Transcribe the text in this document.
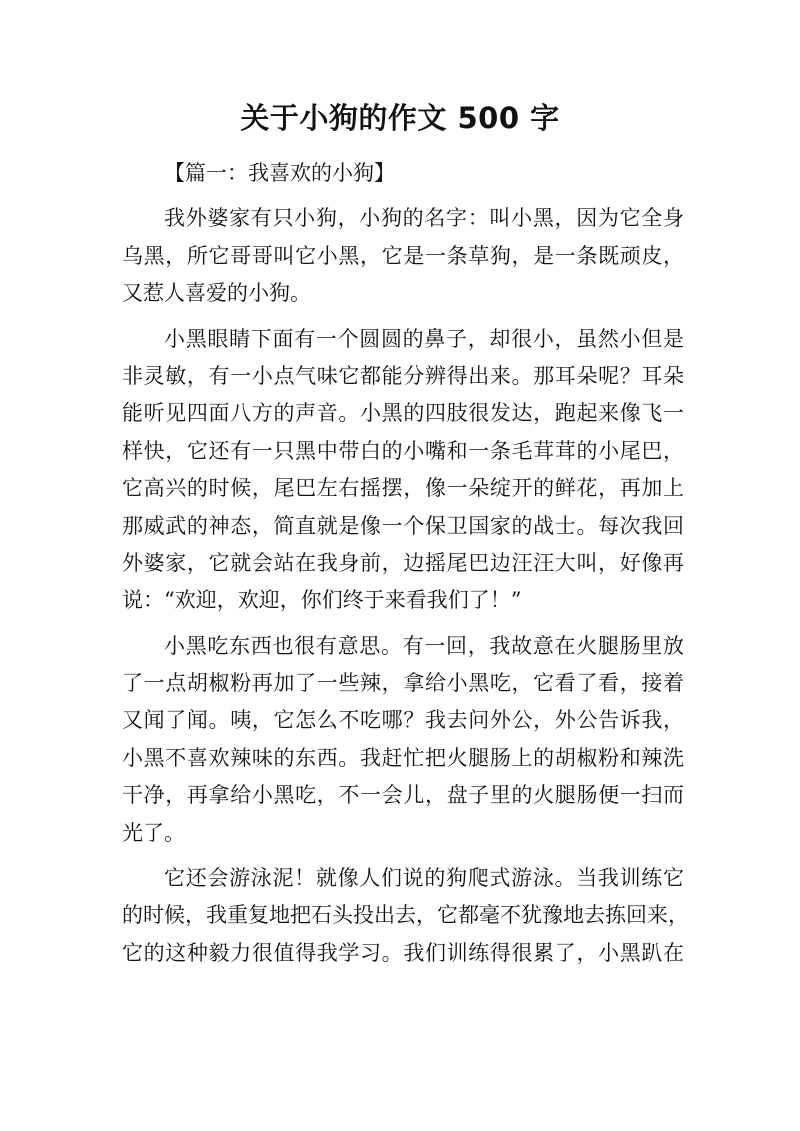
关于小狗的作文 500 字
【篇一：我喜欢的小狗】
我外婆家有只小狗，小狗的名字：叫小黑，因为它全身
乌黑，所它哥哥叫它小黑，它是一条草狗，是一条既顽皮，
又惹人喜爱的小狗。
小黑眼睛下面有一个圆圆的鼻子，却很小，虽然小但是
非灵敏，有一小点气味它都能分辨得出来。那耳朵呢？耳朵
能听见四面八方的声音。小黑的四肢很发达，跑起来像飞一
样快，它还有一只黑中带白的小嘴和一条毛茸茸的小尾巴，
它高兴的时候，尾巴左右摇摆，像一朵绽开的鲜花，再加上
那威武的神态，简直就是像一个保卫国家的战士。每次我回
外婆家，它就会站在我身前，边摇尾巴边汪汪大叫，好像再
说：“欢迎，欢迎，你们终于来看我们了！”
小黑吃东西也很有意思。有一回，我故意在火腿肠里放
了一点胡椒粉再加了一些辣，拿给小黑吃，它看了看，接着
又闻了闻。咦，它怎么不吃哪？我去问外公，外公告诉我，
小黑不喜欢辣味的东西。我赶忙把火腿肠上的胡椒粉和辣洗
干净，再拿给小黑吃，不一会儿，盘子里的火腿肠便一扫而
光了。
它还会游泳泥！就像人们说的狗爬式游泳。当我训练它
的时候，我重复地把石头投出去，它都毫不犹豫地去拣回来，
它的这种毅力很值得我学习。我们训练得很累了，小黑趴在
